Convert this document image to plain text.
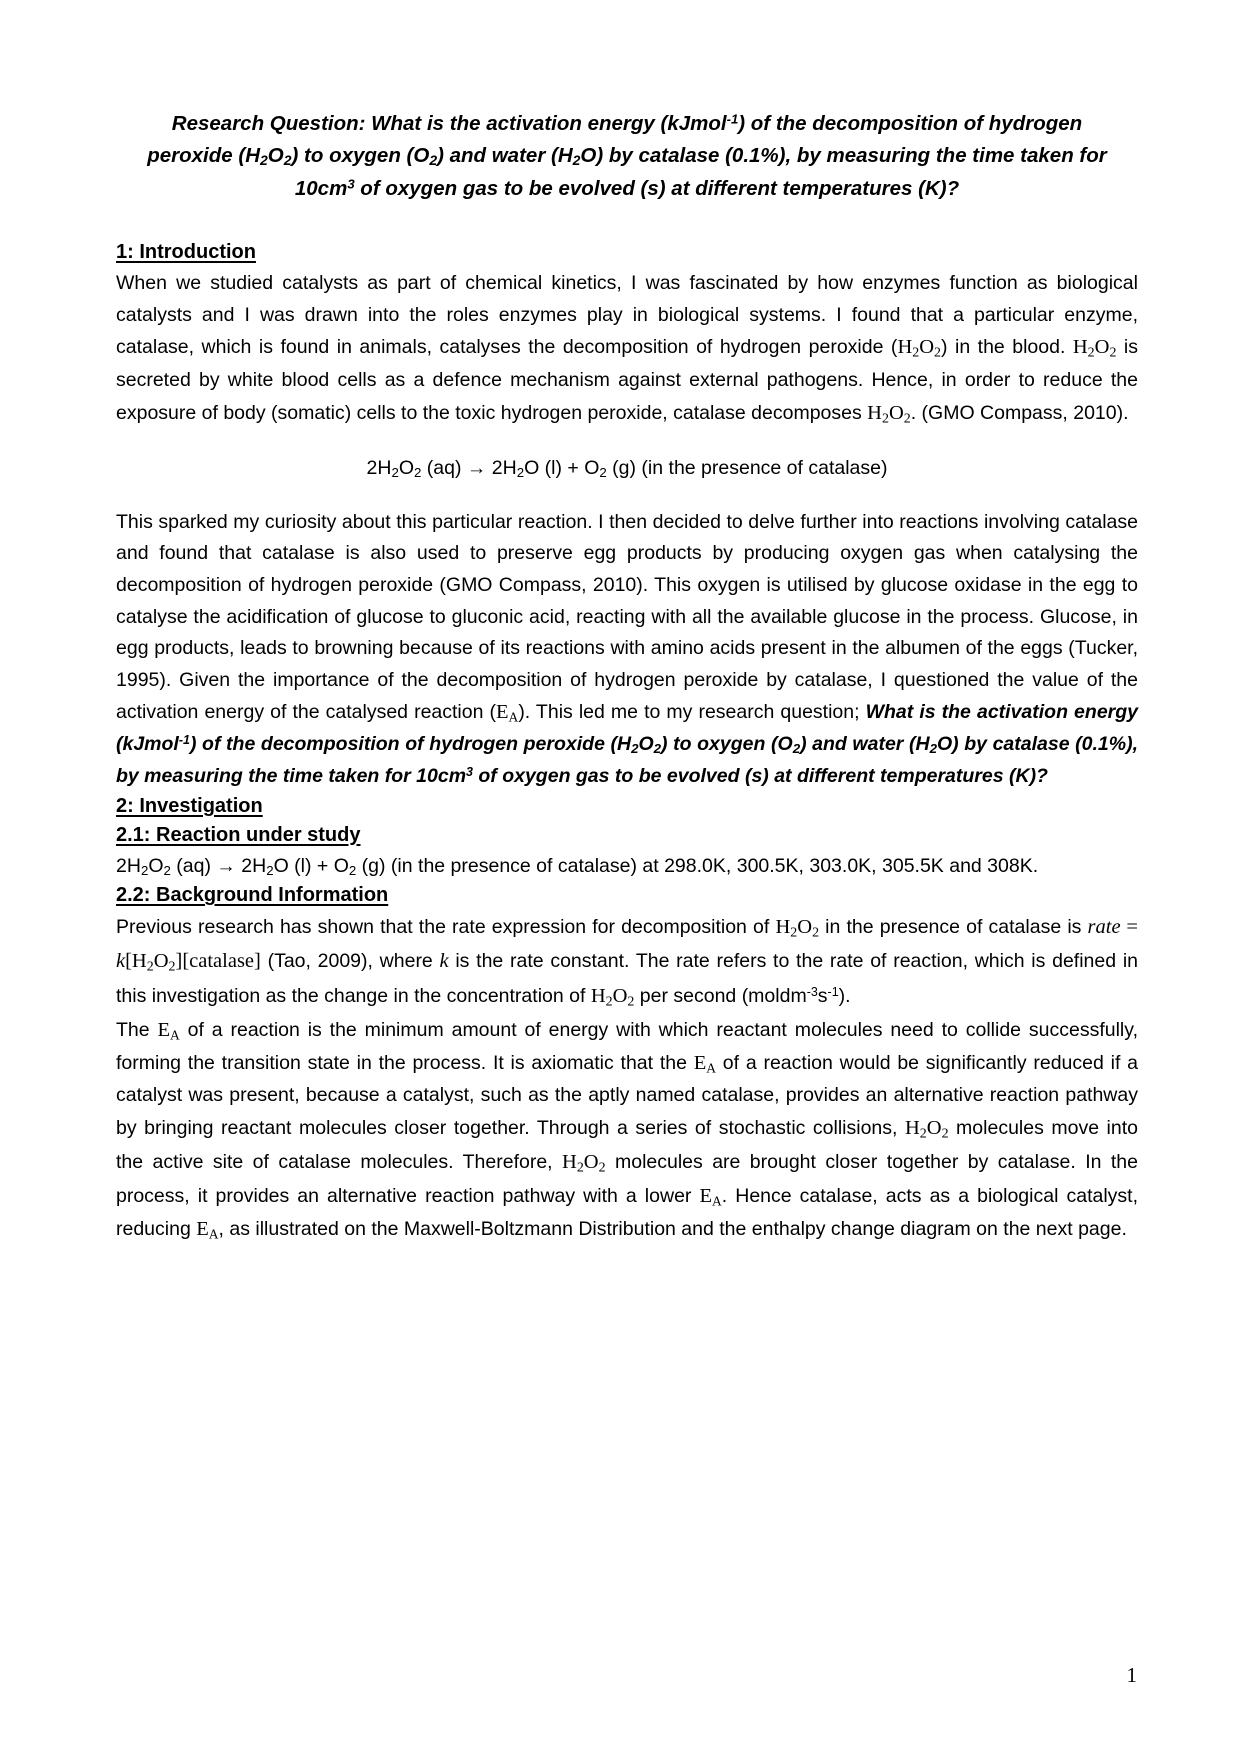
Research Question: What is the activation energy (kJmol$^{-1}$) of the decomposition of hydrogen peroxide $(H_2O_2)$ to oxygen $(O_2)$ and water $(H_2O)$ by catalase (0.1%), by measuring the time taken for $10cm^3$ of oxygen gas to be evolved (s) at different temperatures (K)?
1: Introduction

When we studied catalysts as part of chemical kinetics, I was fascinated by how enzymes function as biological catalysts and I was drawn into the roles enzymes play in biological systems. I found that a particular enzyme, catalase, which is found in animals, catalyses the decomposition of hydrogen peroxide $(H_2O_2)$ in the blood. $H_2O_2$ is secreted by white blood cells as a defence mechanism against external pathogens. Hence, in order to reduce the exposure of body (somatic) cells to the toxic hydrogen peroxide, catalase decomposes $H_2O_2$. (GMO Compass, 2010).

$2H_2O_2$ $(aq) \to 2H_2O$ $(l) + O_2$ (g) (in the presence of catalase)

This sparked my curiosity about this particular reaction. I then decided to delve further into reactions involving catalase and found that catalase is also used to preserve egg products by producing oxygen gas when catalysing the decomposition of hydrogen peroxide (GMO Compass, 2010). This oxygen is utilised by glucose oxidase in the egg to catalyse the acidification of glucose to gluconic acid, reacting with all the available glucose in the process. Glucose, in egg products, leads to browning because of its reactions with amino acids present in the albumen of the eggs (Tucker, 1995). Given the importance of the decomposition of hydrogen peroxide by catalase, I questioned the value of the activation energy of the catalysed reaction $(E_A)$. This led me to my research question; What is the activation energy (kJmol$^{-1}$) of the decomposition of hydrogen peroxide $(H_2O_2)$ to oxygen $(O_2)$ and water $(H_2O)$ by catalase (0.1%), by measuring the time taken for $10cm^3$ of oxygen gas to be evolved (s) at different temperatures (K)?

2: Investigation
2.1: Reaction under study

$2H_2O_2$ $(aq) \to 2H_2O$ $(l) + O_2$ (g) (in the presence of catalase) at 298.0K, 300.5K, 303.0K, 305.5K and 308K.

2.2: Background Information

Previous research has shown that the rate expression for decomposition of $H_2O_2$ in the presence of catalase is rate = $k[H_2O_2][catalase]$ (Tao, 2009), where k is the rate constant. The rate refers to the rate of reaction, which is defined in this investigation as the change in the concentration of $H_2O_2$ per second $(moldm^{-3}s^{-1})$.

The $E_A$ of a reaction is the minimum amount of energy with which reactant molecules need to collide successfully, forming the transition state in the process. It is axiomatic that the $E_A$ of a reaction would be significantly reduced if a catalyst was present, because a catalyst, such as the aptly named catalase, provides an alternative reaction pathway by bringing reactant molecules closer together. Through a series of stochastic collisions, $H_2O_2$ molecules move into the active site of catalase molecules. Therefore, $H_2O_2$ molecules are brought closer together by catalase. In the process, it provides an alternative reaction pathway with a lower $E_A$. Hence catalase, acts as a biological catalyst, reducing $E_A$, as illustrated on the Maxwell-Boltzmann Distribution and the enthalpy change diagram on the next page.

1
